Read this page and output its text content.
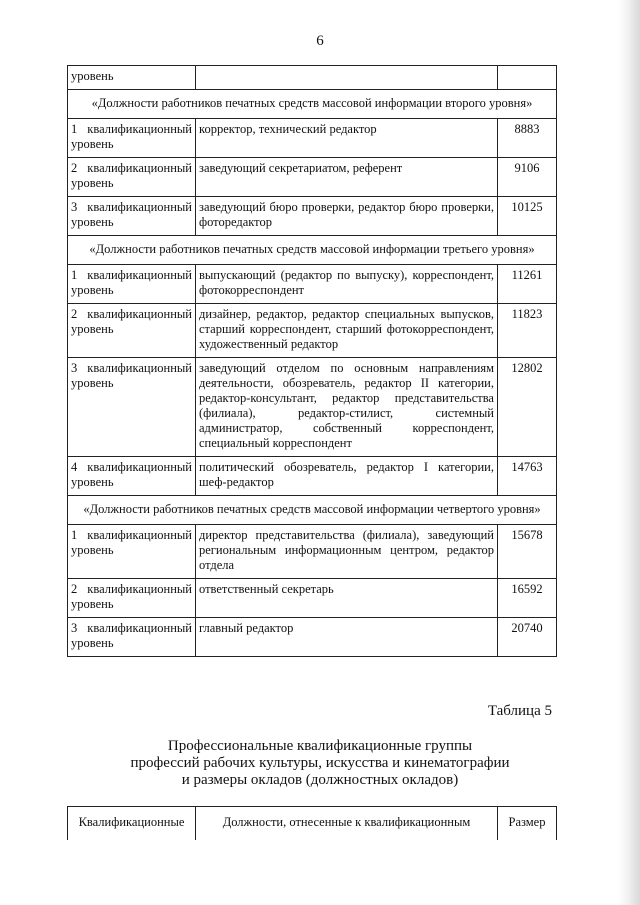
6
уровень		
«Должности работников печатных средств массовой информации второго уровня»		
1 квалификационный уровень	корректор, технический редактор	8883
2 квалификационный уровень	заведующий секретариатом, референт	9106
3 квалификационный уровень	заведующий бюро проверки, редактор бюро проверки, фоторедактор	10125
«Должности работников печатных средств массовой информации третьего уровня»		
1 квалификационный уровень	выпускающий (редактор по выпуску), корреспондент, фотокорреспондент	11261
2 квалификационный уровень	дизайнер, редактор, редактор специальных выпусков, старший корреспондент, старший фотокорреспондент, художественный редактор	11823
3 квалификационный уровень	заведующий отделом по основным направлениям деятельности, обозреватель, редактор II категории, редактор-консультант, редактор представительства (филиала), редактор-стилист, системный администратор, собственный корреспондент, специальный корреспондент	12802
4 квалификационный уровень	политический обозреватель, редактор I категории, шеф-редактор	14763
«Должности работников печатных средств массовой информации четвертого уровня»		
1 квалификационный уровень	директор представительства (филиала), заведующий региональным информационным центром, редактор отдела	15678
2 квалификационный уровень	ответственный секретарь	16592
3 квалификационный уровень	главный редактор	20740
Таблица 5
Профессиональные квалификационные группы
профессий рабочих культуры, искусства и кинематографии
и размеры окладов (должностных окладов)
Квалификационные	Должности, отнесенные к квалификационным	Размер
